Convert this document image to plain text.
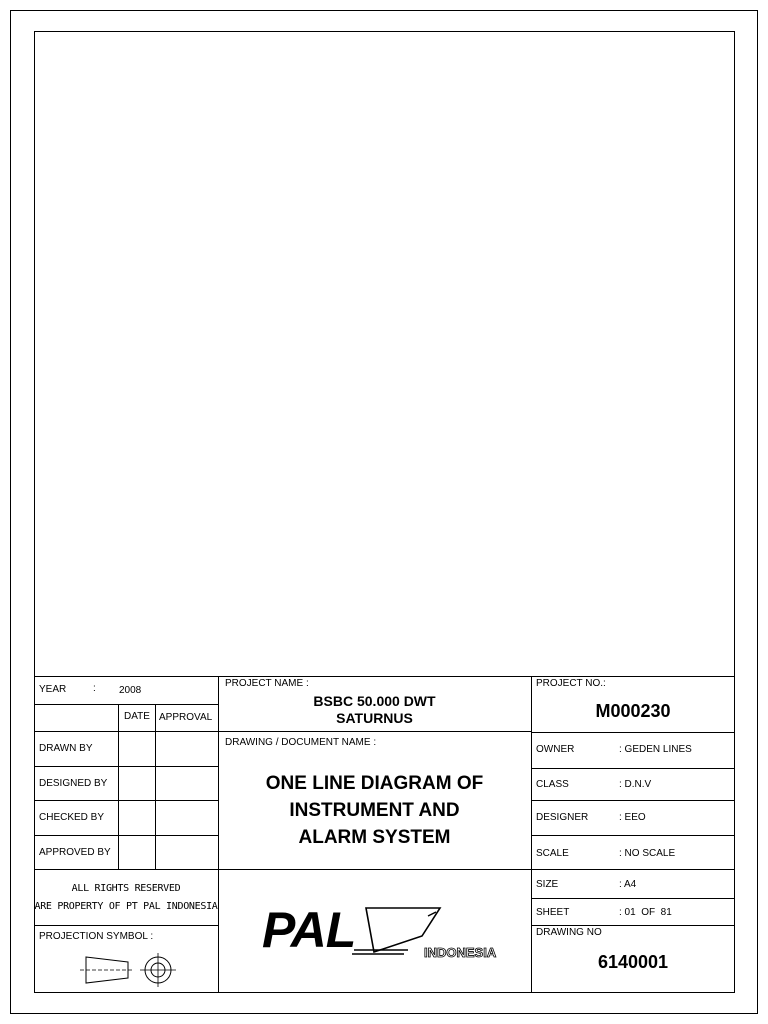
YEAR	: 2008
DATE APPROVAL
DRAWN BY
DESIGNED BY
CHECKED BY
APPROVED BY
ALL RIGHTS RESERVED
ARE PROPERTY OF PT PAL INDONESIA
PROJECTION SYMBOL :
PROJECT NAME :
BSBC 50.000 DWT
SATURNUS
DRAWING / DOCUMENT NAME :
ONE LINE DIAGRAM OF
INSTRUMENT AND
ALARM SYSTEM
PAL	INDONESIA
PROJECT NO.:
M000230
OWNER	: GEDEN LINES
CLASS	: D.N.V
DESIGNER	: EEO
SCALE	: NO SCALE
SIZE	: A4
SHEET	: 01  OF  81
DRAWING NO
6140001
